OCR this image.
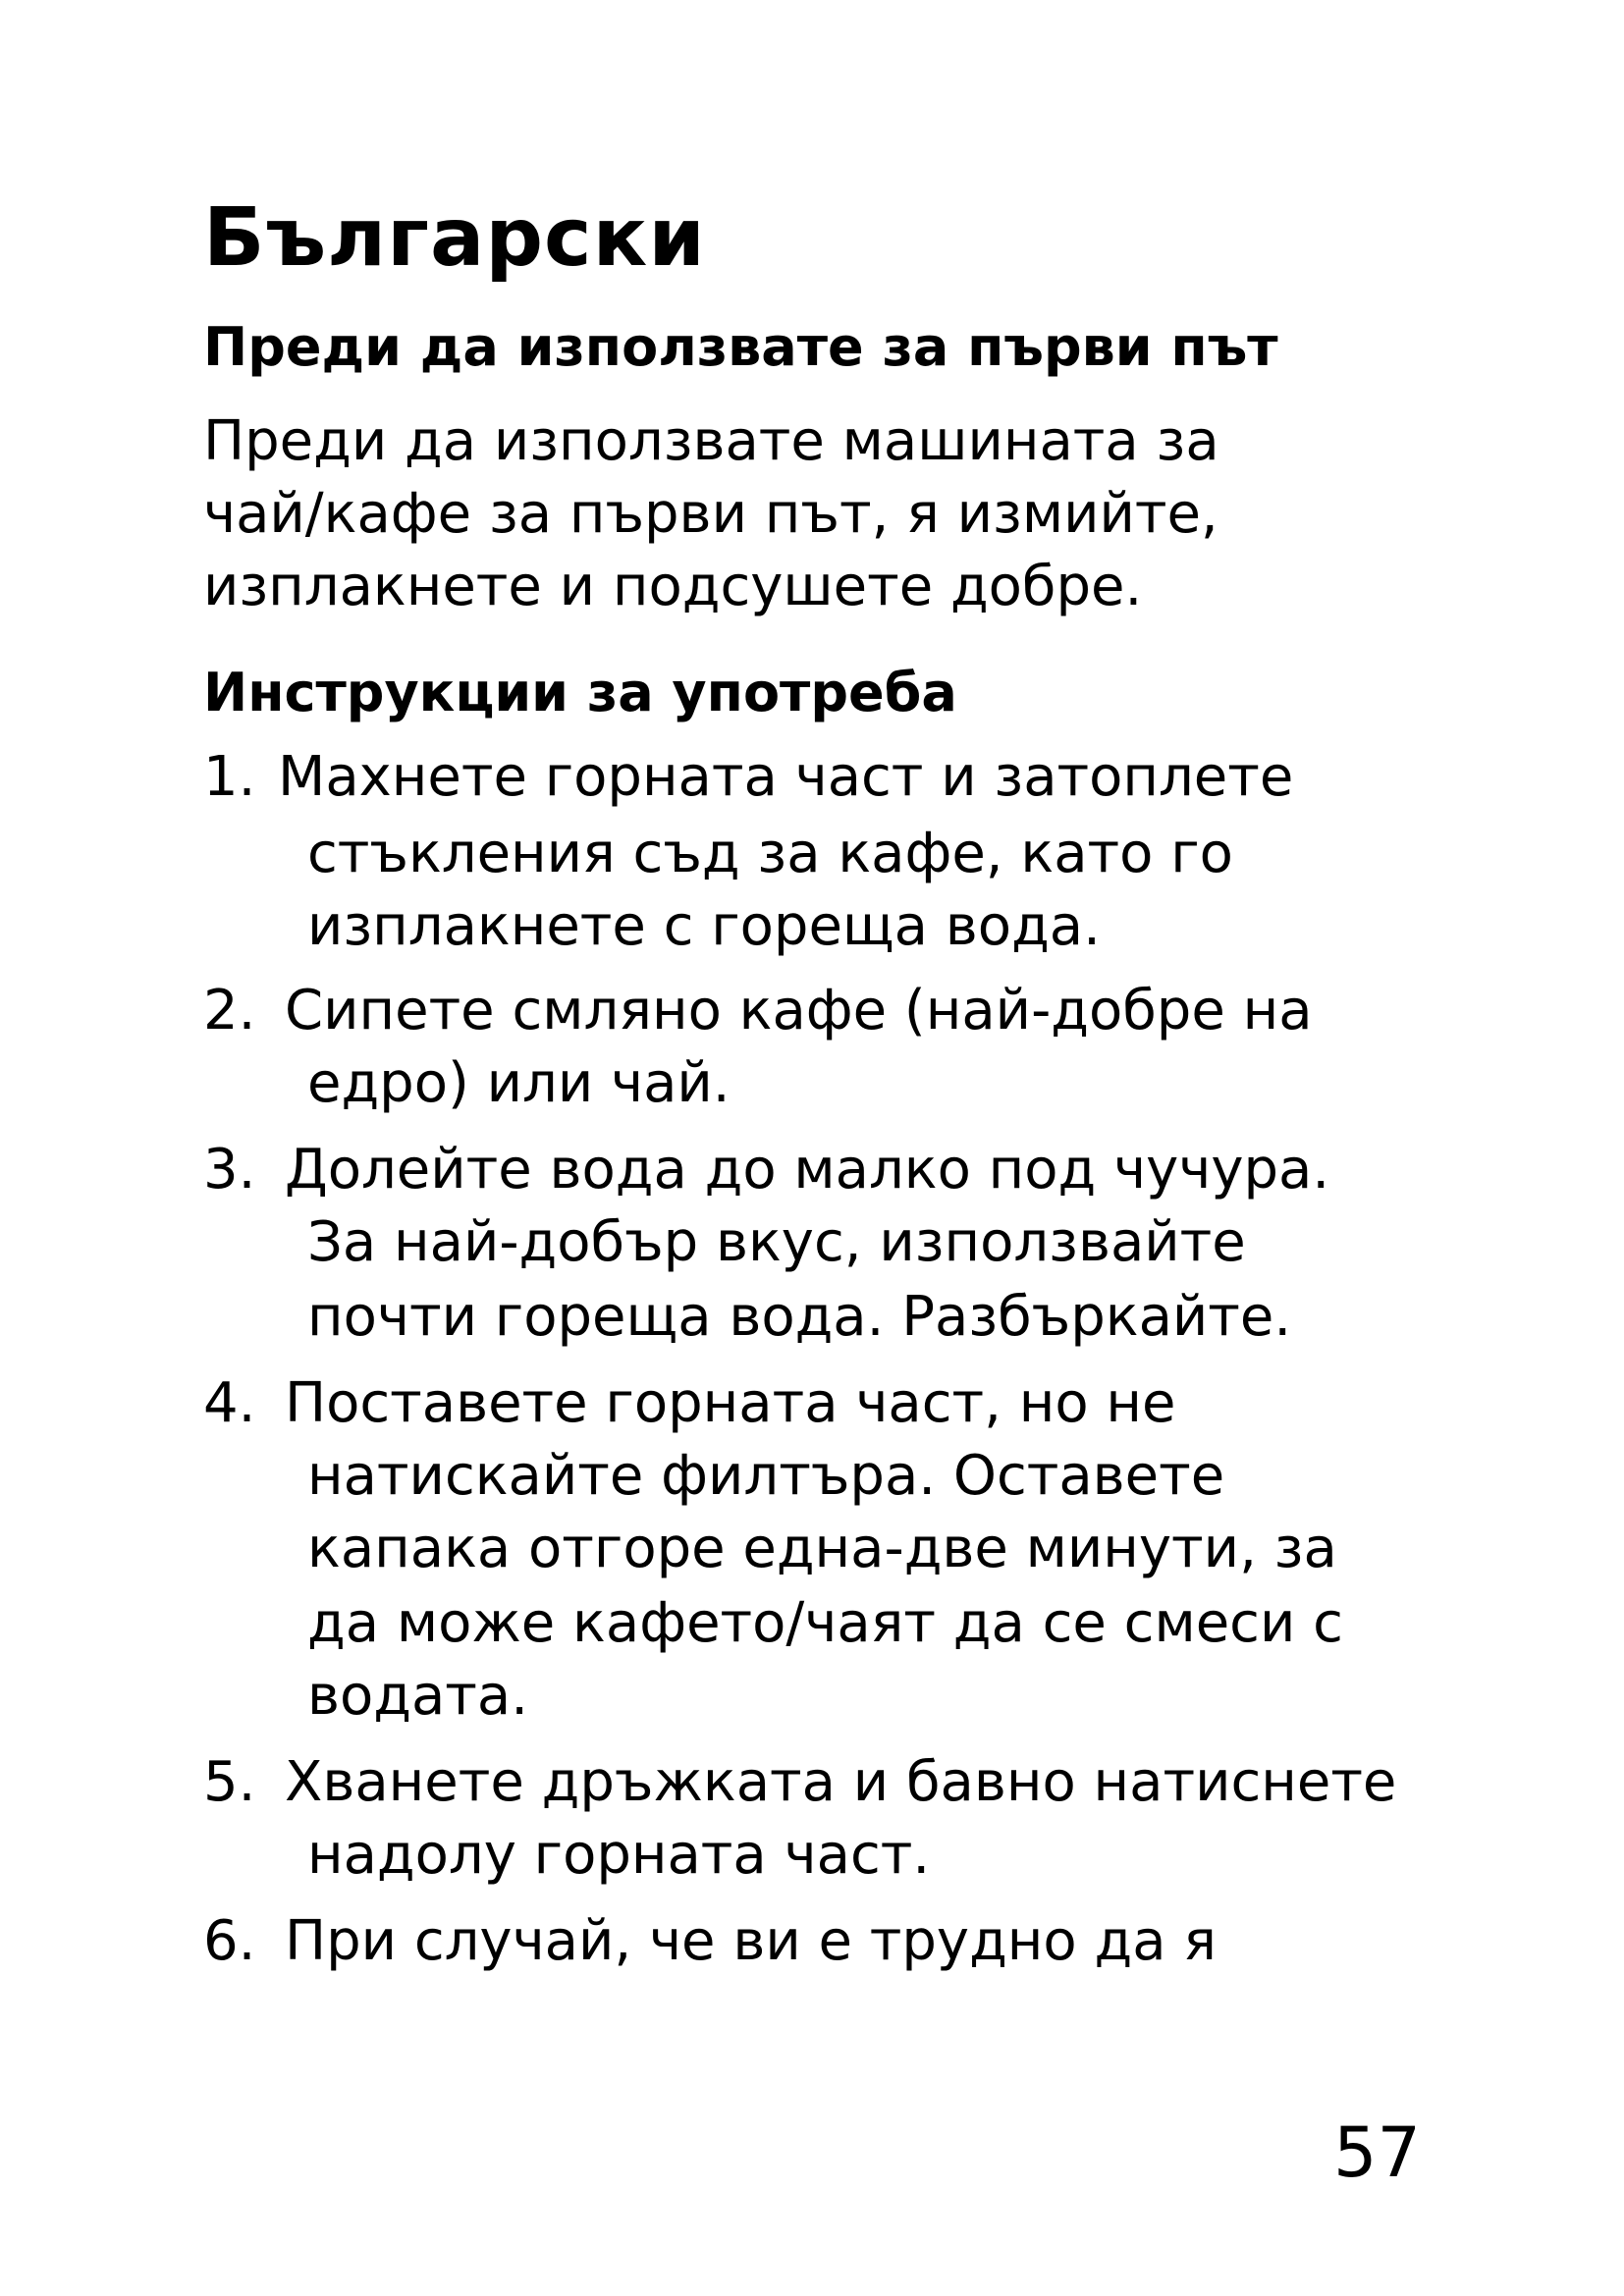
Български
Преди да използвате за първи път

Преди да използвате машината за

чай/кафе за първи път, я измийте,

изплакнете и подсушете добре.

Инструкции за употреба

1. Махнете горната част и затоплете

стъкления съд за кафе, като го

изплакнете с гореща вода.

2. Сипете смляно кафе (най-добре на

едро) или чай.

3. Долейте вода до малко под чучура.

За най-добър вкус, използвайте

почти гореща вода. Разбъркайте.

4. Поставете горната част, но не

натискайте филтъра. Оставете

капака отгоре една-две минути, за

да може кафето/чаят да се смеси с

водата.

5. Хванете дръжката и бавно натиснете

надолу горната част.

6. При случай, че ви е трудно да я

57
